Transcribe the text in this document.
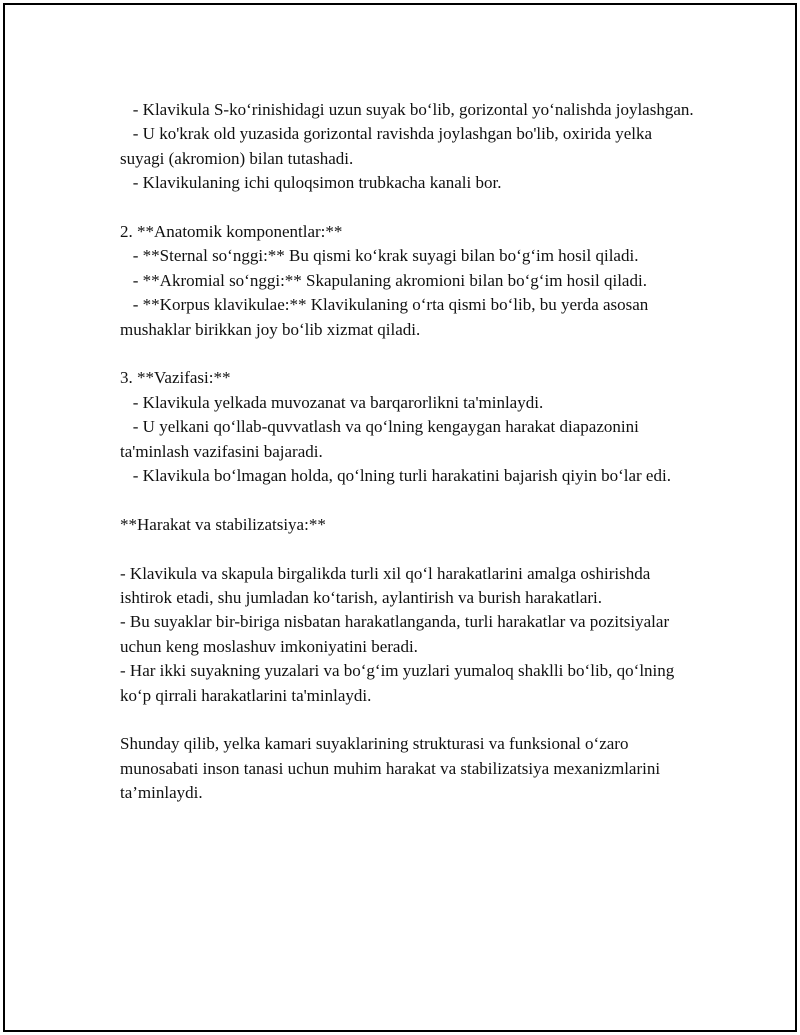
- Klavikula S-koʻrinishidagi uzun suyak boʻlib, gorizontal yoʻnalishda joylashgan.

- U ko'krak old yuzasida gorizontal ravishda joylashgan bo'lib, oxirida yelka suyagi (akromion) bilan tutashadi.

- Klavikulaning ichi quloqsimon trubkacha kanali bor.

2. **Anatomik komponentlar:**

- **Sternal soʻnggi:** Bu qismi koʻkrak suyagi bilan boʻgʻim hosil qiladi.

- **Akromial soʻnggi:** Skapulaning akromioni bilan boʻgʻim hosil qiladi.

- **Korpus klavikulae:** Klavikulaning oʻrta qismi boʻlib, bu yerda asosan mushaklar birikkan joy boʻlib xizmat qiladi.

3. **Vazifasi:**

- Klavikula yelkada muvozanat va barqarorlikni ta'minlaydi.

- U yelkani qoʻllab-quvvatlash va qoʻlning kengaygan harakat diapazonini ta'minlash vazifasini bajaradi.

- Klavikula boʻlmagan holda, qoʻlning turli harakatini bajarish qiyin boʻlar edi.

**Harakat va stabilizatsiya:**

- Klavikula va skapula birgalikda turli xil qoʻl harakatlarini amalga oshirishda ishtirok etadi, shu jumladan koʻtarish, aylantirish va burish harakatlari.

- Bu suyaklar bir-biriga nisbatan harakatlanganda, turli harakatlar va pozitsiyalar uchun keng moslashuv imkoniyatini beradi.

- Har ikki suyakning yuzalari va boʻgʻim yuzlari yumaloq shaklli boʻlib, qoʻlning koʻp qirrali harakatlarini ta'minlaydi.

Shunday qilib, yelka kamari suyaklarining strukturasi va funksional oʻzaro munosabati inson tanasi uchun muhim harakat va stabilizatsiya mexanizmlarini ta’minlaydi.
